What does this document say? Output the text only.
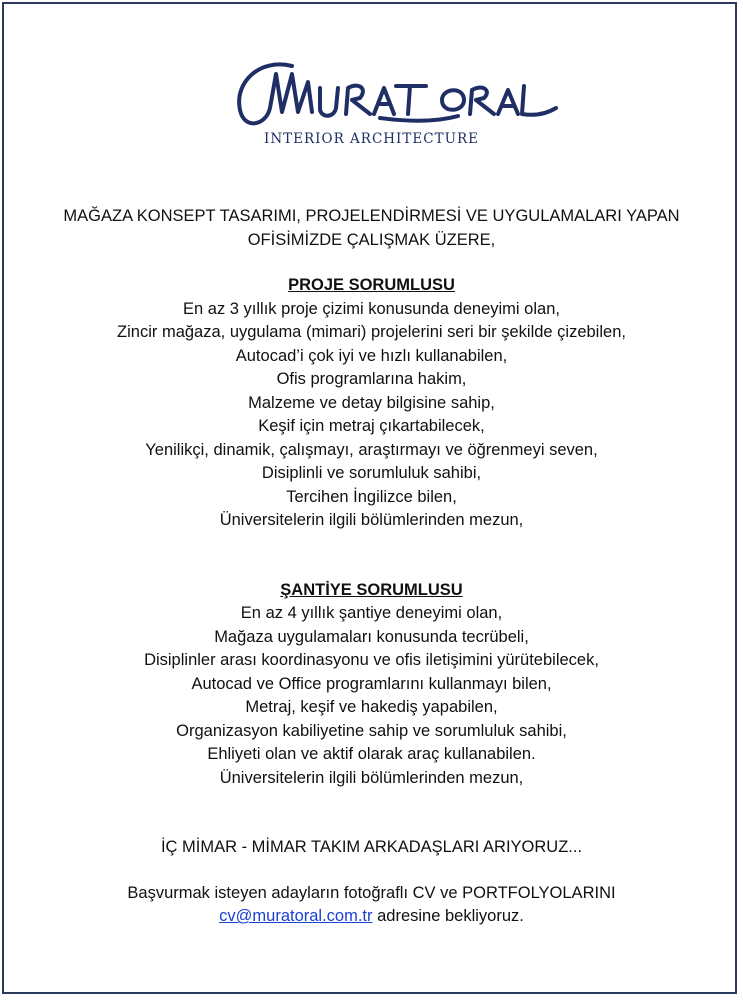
INTERIOR ARCHITECTURE

MAĞAZA KONSEPT TASARIMI, PROJELENDİRMESİ VE UYGULAMALARI YAPAN

OFİSİMİZDE ÇALIŞMAK ÜZERE,

PROJE SORUMLUSU

En az 3 yıllık proje çizimi konusunda deneyimi olan,

Zincir mağaza, uygulama (mimari) projelerini seri bir şekilde çizebilen,

Autocad’i çok iyi ve hızlı kullanabilen,

Ofis programlarına hakim,

Malzeme ve detay bilgisine sahip,

Keşif için metraj çıkartabilecek,

Yenilikçi, dinamik, çalışmayı, araştırmayı ve öğrenmeyi seven,

Disiplinli ve sorumluluk sahibi,

Tercihen İngilizce bilen,

Üniversitelerin ilgili bölümlerinden mezun,

ŞANTİYE SORUMLUSU

En az 4 yıllık şantiye deneyimi olan,

Mağaza uygulamaları konusunda tecrübeli,

Disiplinler arası koordinasyonu ve ofis iletişimini yürütebilecek,

Autocad ve Office programlarını kullanmayı bilen,

Metraj, keşif ve hakediş yapabilen,

Organizasyon kabiliyetine sahip ve sorumluluk sahibi,

Ehliyeti olan ve aktif olarak araç kullanabilen.

Üniversitelerin ilgili bölümlerinden mezun,

İÇ MİMAR - MİMAR TAKIM ARKADAŞLARI ARIYORUZ...

Başvurmak isteyen adayların fotoğraflı CV ve PORTFOLYOLARINI

cv@muratoral.com.tr adresine bekliyoruz.
